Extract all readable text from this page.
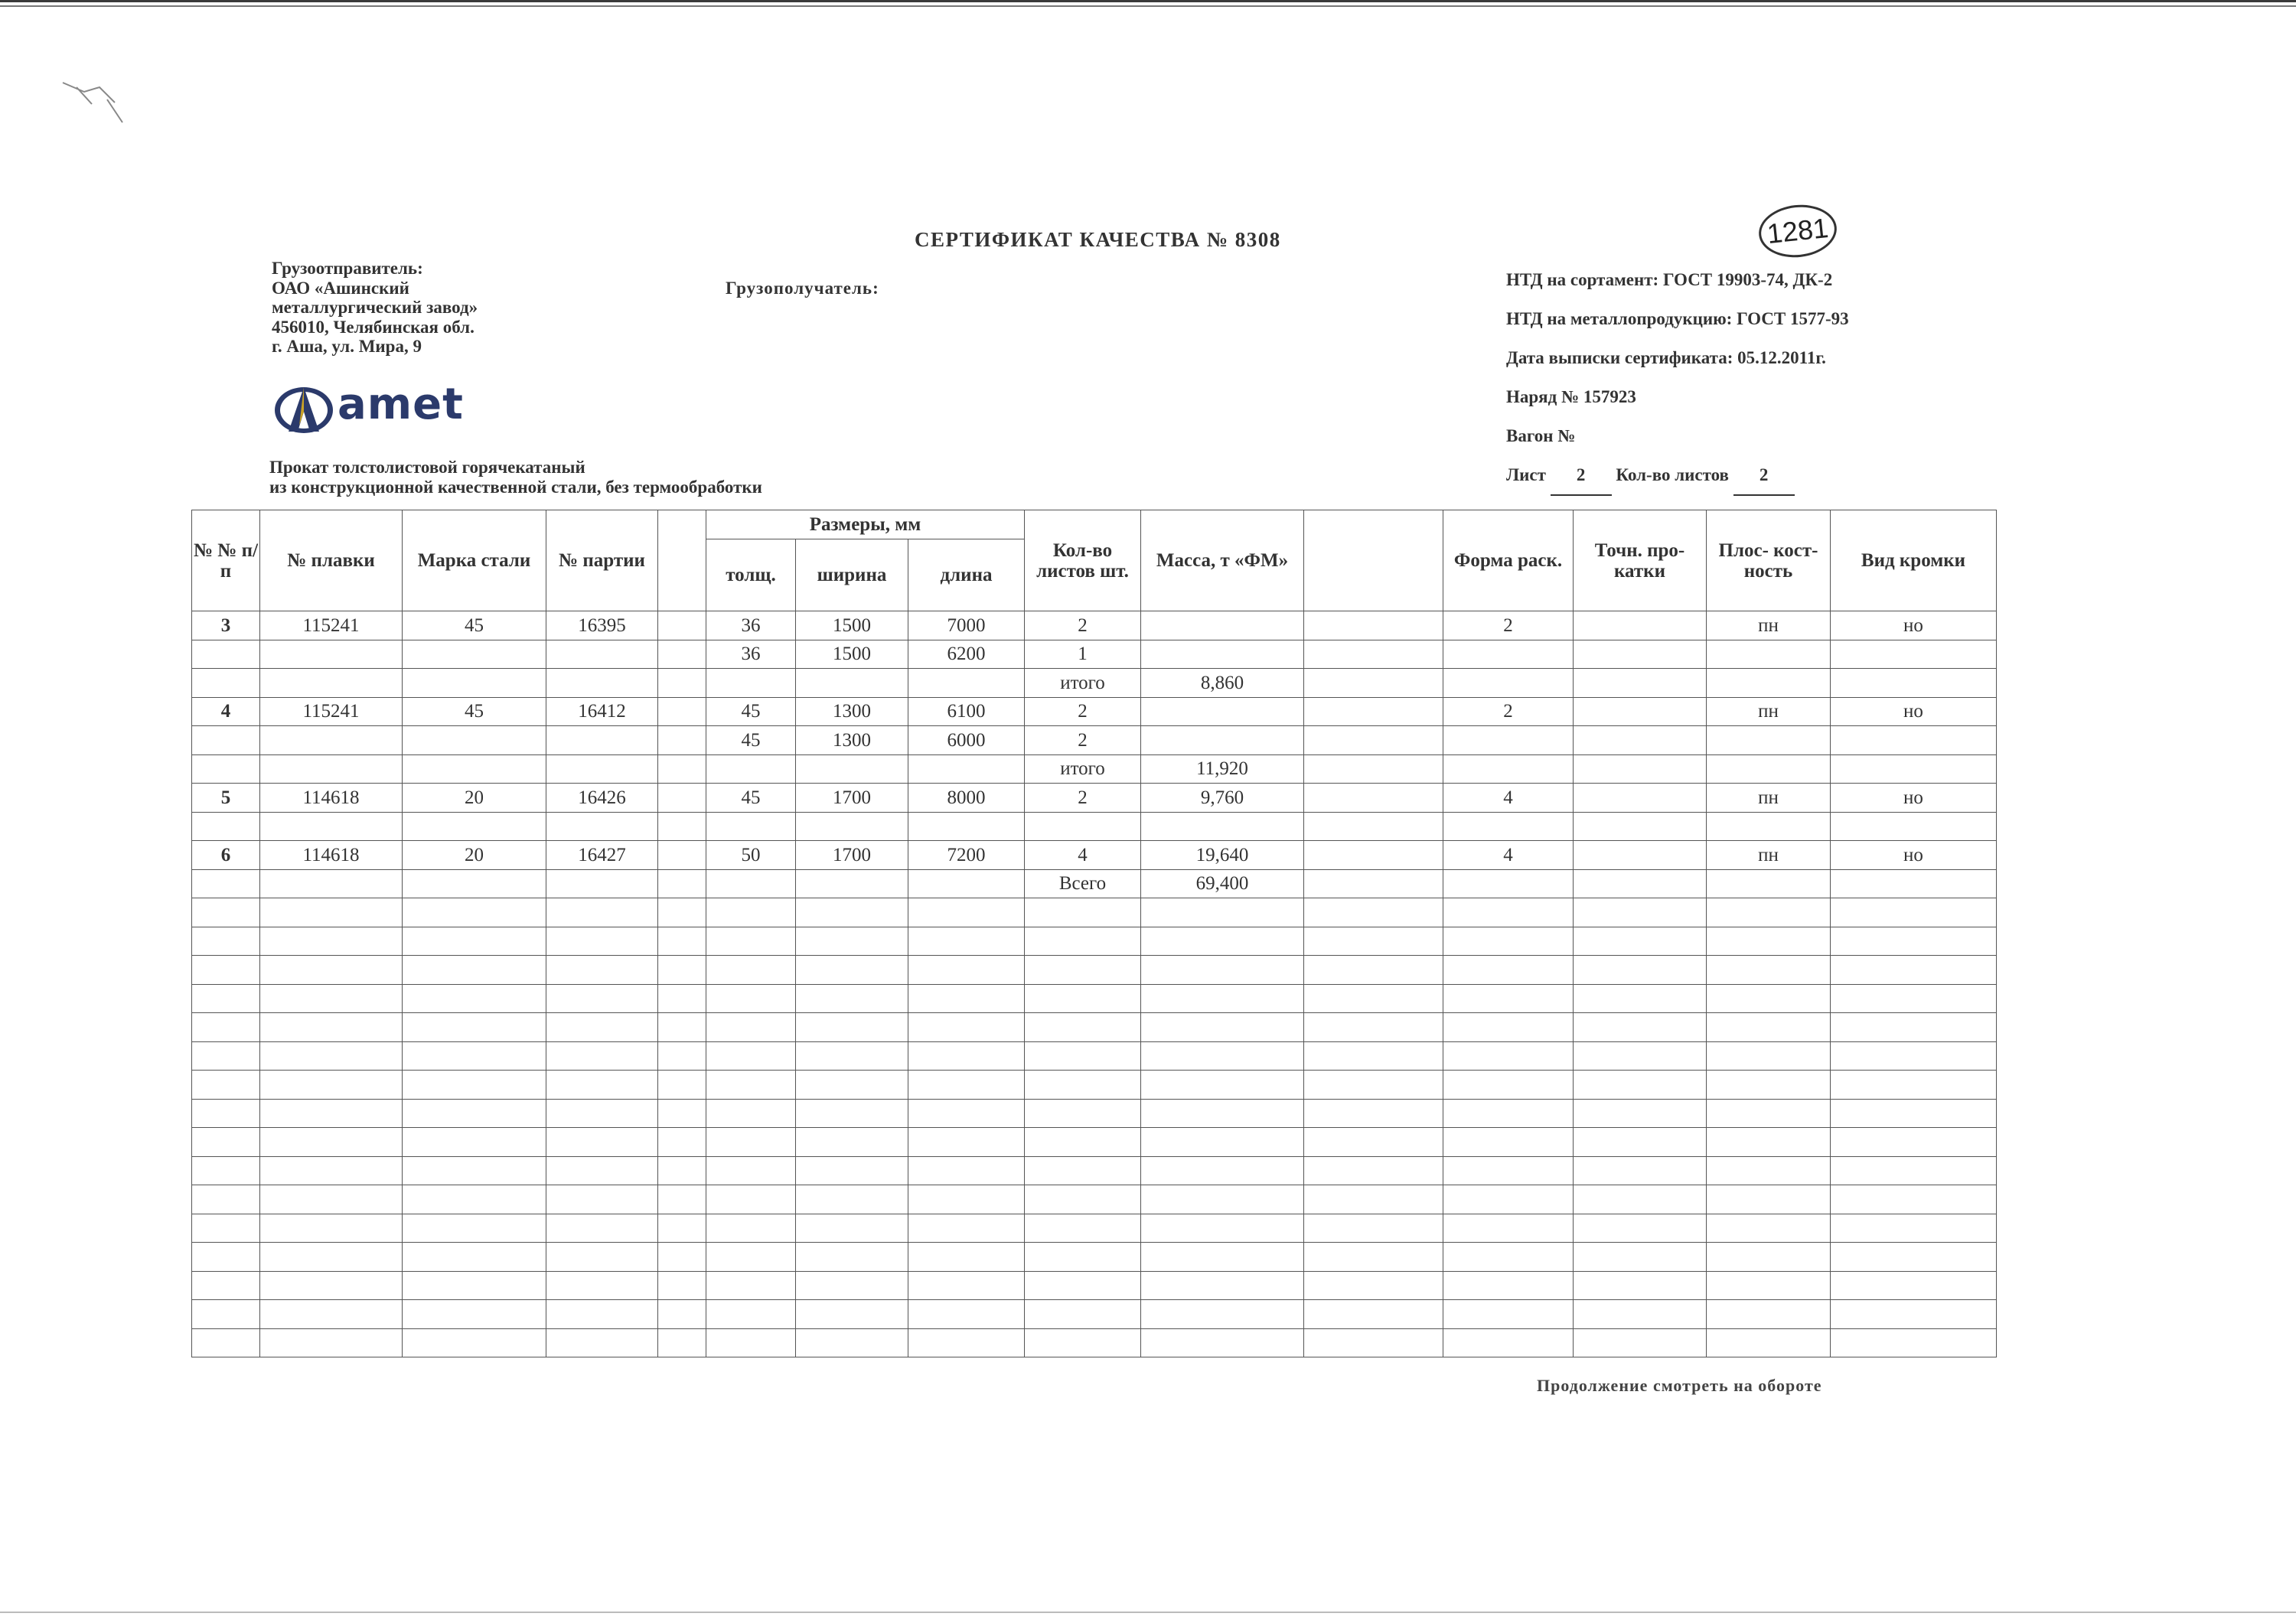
СЕРТИФИКАТ КАЧЕСТВА № 8308	1281
Грузоотправитель:
ОАО «Ашинский
металлургический завод»
456010, Челябинская обл.
г. Аша, ул. Мира, 9
Грузополучатель:
amet
НТД на сортамент: ГОСТ 19903-74, ДК-2
НТД на металлопродукцию: ГОСТ 1577-93
Дата выписки сертификата: 05.12.2011г.
Наряд № 157923
Вагон №
Лист 2 Кол-во листов 2
Прокат толстолистовой горячекатаный
из конструкционной качественной стали, без термообработки
№ № п/п	№ плавки	Марка стали	№ партии		Размеры, мм			Кол-во листов шт.	Масса, т «ФМ»		Форма раск.	Точн. про- катки	Плос- кост- ность	Вид кромки
					толщ.	ширина	длина							
3	115241	45	16395		36	1500	7000	2			2		пн	но
					36	1500	6200	1						
								итого	8,860					
4	115241	45	16412		45	1300	6100	2			2		пн	но
					45	1300	6000	2						
								итого	11,920					
5	114618	20	16426		45	1700	8000	2	9,760		4		пн	но

6	114618	20	16427		50	1700	7200	4	19,640		4		пн	но
								Всего	69,400					

Продолжение смотреть на обороте
